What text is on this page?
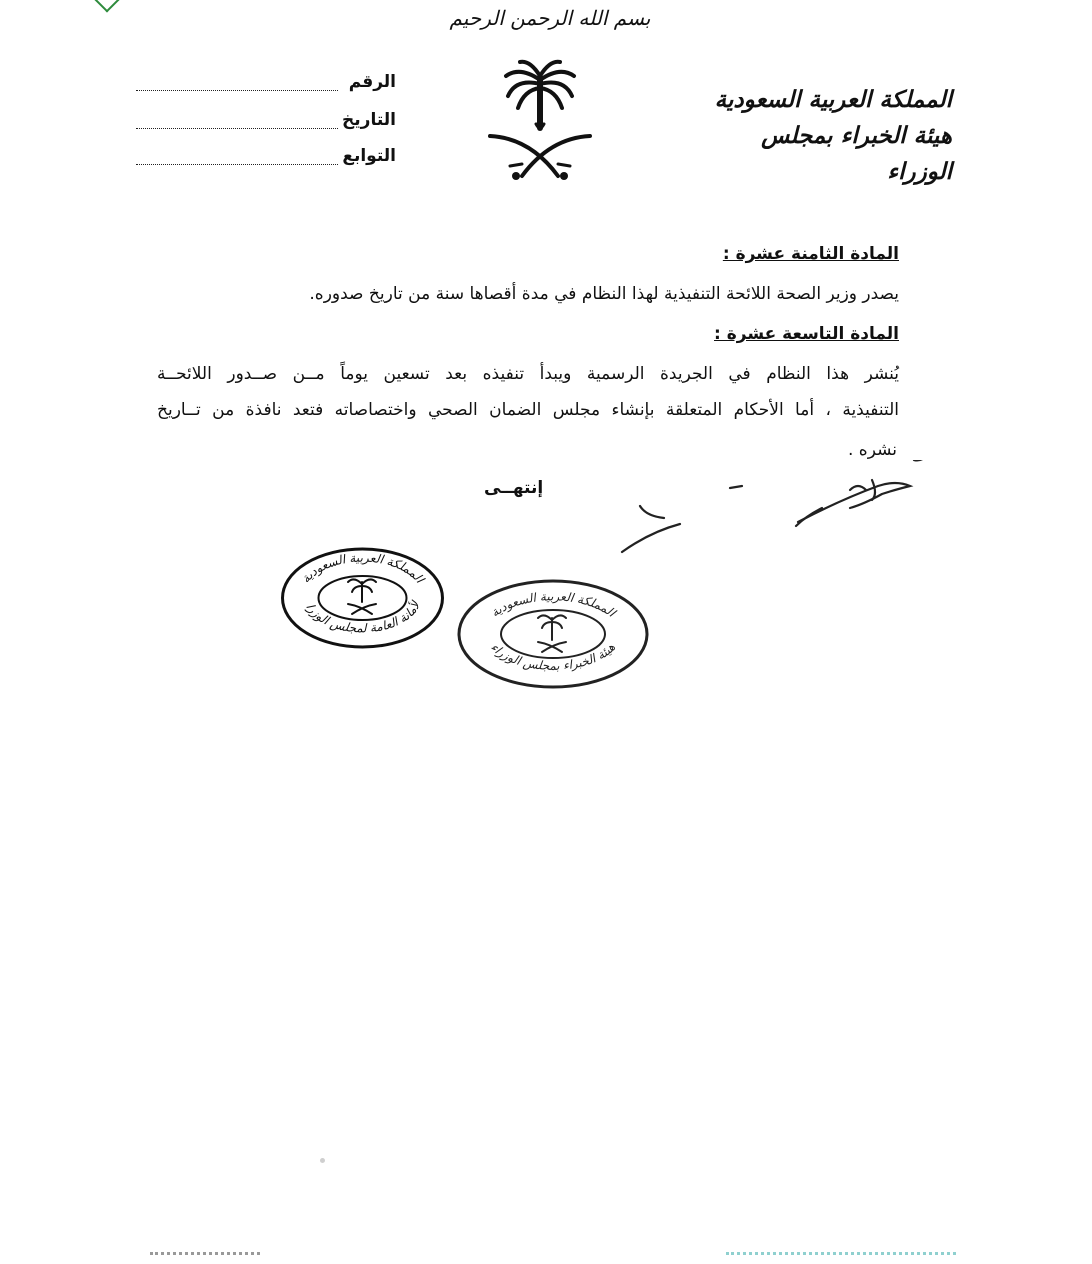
بسم الله الرحمن الرحيم
الرقم
التاريخ
التوابع
المملكة العربية السعودية
هيئة الخبراء بمجلس الوزراء
المادة الثامنة عشرة :
يصدر وزير الصحة اللائحة التنفيذية لهذا النظام في مدة أقصاها سنة من تاريخ صدوره.
المادة التاسعة عشرة :
يُنشر هذا النظام في الجريدة الرسمية ويبدأ تنفيذه بعد تسعين يوماً مــن صــدور اللائحــة
التنفيذية ، أما الأحكام المتعلقة بإنشاء مجلس الضمان الصحي واختصاصاته فتعد نافذة من تــاريخ
نشره .
إنتهــى
المملكة العربية السعودية
الأمانة العامة لمجلس الوزرا	المملكة العربية السعودية
هيئة الخبراء بمجلس الوزراء
